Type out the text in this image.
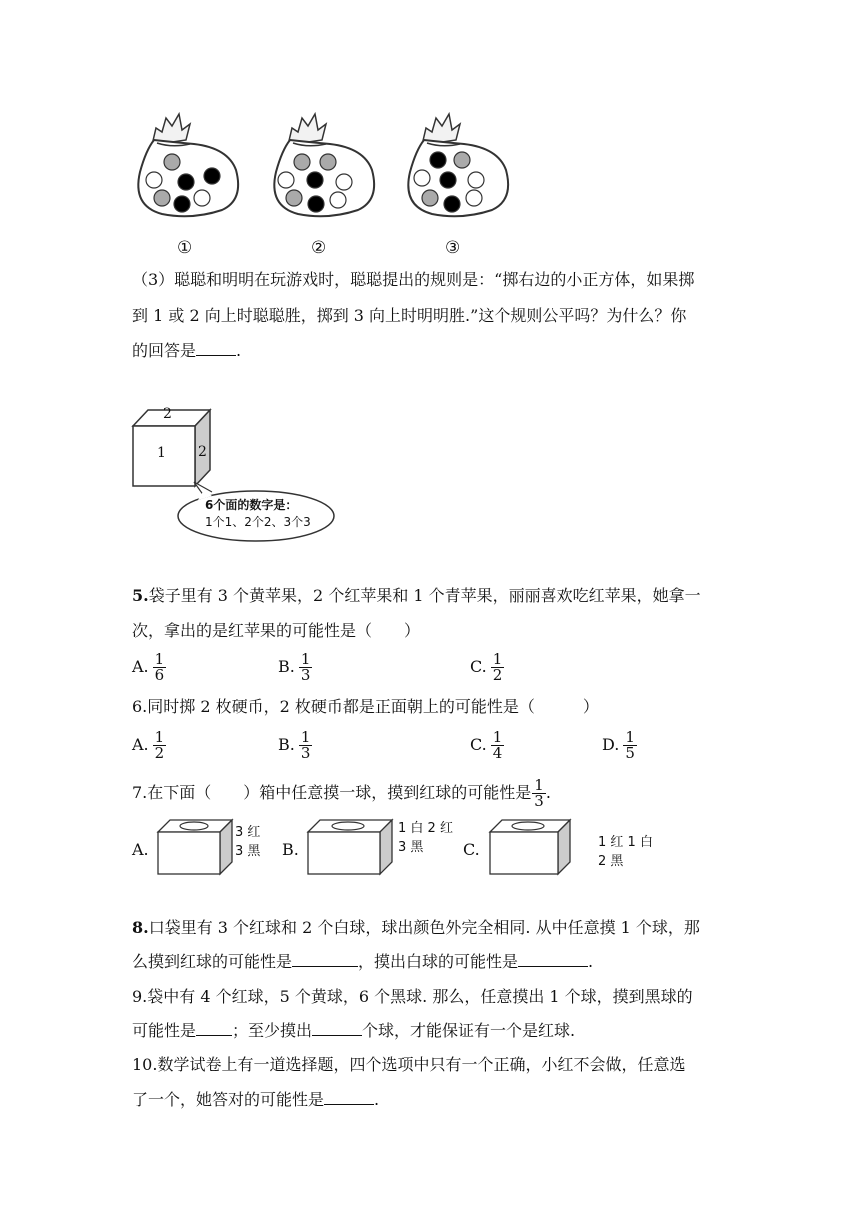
①	②	③
（3）聪聪和明明在玩游戏时，聪聪提出的规则是：“掷右边的小正方体，如果掷
到 1 或 2 向上时聪聪胜，掷到 3 向上时明明胜.”这个规则公平吗？为什么？你
的回答是	.
2
1 2
6个面的数字是：
1个1、2个2、3个3
5.袋子里有 3 个黄苹果，2 个红苹果和 1 个青苹果，丽丽喜欢吃红苹果，她拿一
次，拿出的是红苹果的可能性是（　　）
A. $\frac{1}{6}$	B. $\frac{1}{3}$	C. $\frac{1}{2}$
6.同时掷 2 枚硬币，2 枚硬币都是正面朝上的可能性是（　　　）
A. $\frac{1}{2}$	B. $\frac{1}{3}$	C. $\frac{1}{4}$	D. $\frac{1}{5}$
7.在下面（　　）箱中任意摸一球，摸到红球的可能性是 $\frac{1}{3}$ .
A.
3 红
3 黑 B.
1 白 2 红
3 黑 C.	1 红 1 白
2 黑
8.口袋里有 3 个红球和 2 个白球，球出颜色外完全相同. 从中任意摸 1 个球，那
么摸到红球的可能性是	，摸出白球的可能性是	.
9.袋中有 4 个红球，5 个黄球，6 个黑球. 那么，任意摸出 1 个球，摸到黑球的
可能性是 ；至少摸出	个球，才能保证有一个是红球.
10.数学试卷上有一道选择题，四个选项中只有一个正确，小红不会做，任意选
了一个，她答对的可能性是	.
